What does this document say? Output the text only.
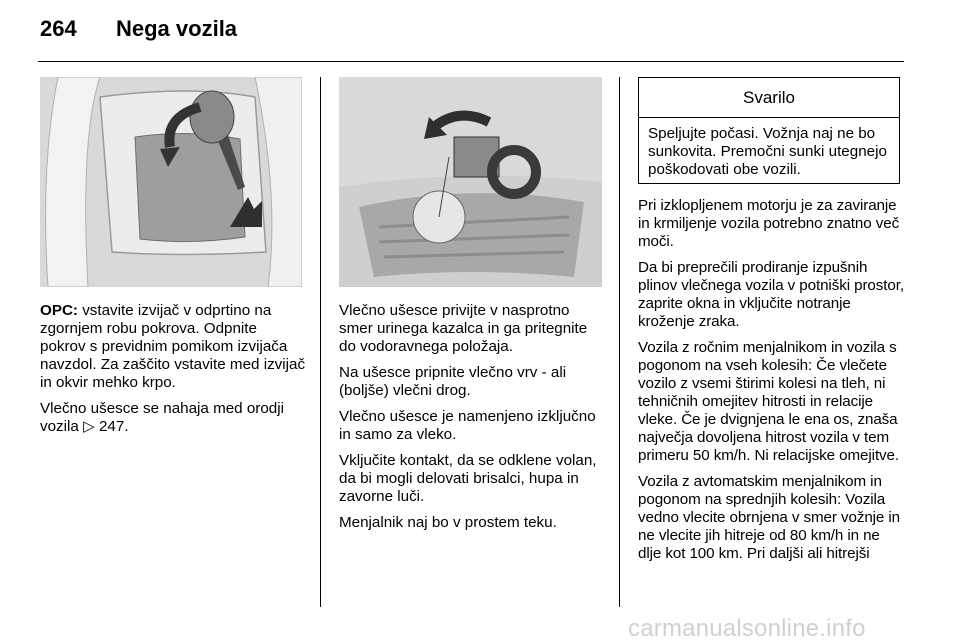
264 Nega vozila

OPC: vstavite izvijač v odprtino na zgornjem robu pokrova. Odpnite pokrov s previdnim pomikom izvijača navzdol. Za zaščito vstavite med izvijač in okvir mehko krpo.

Vlečno ušesce se nahaja med orodji vozila ▷ 247.

Vlečno ušesce privijte v nasprotno smer urinega kazalca in ga pritegnite do vodoravnega položaja.

Na ušesce pripnite vlečno vrv - ali (boljše) vlečni drog.

Vlečno ušesce je namenjeno izključno in samo za vleko.

Vključite kontakt, da se odklene volan, da bi mogli delovati brisalci, hupa in zavorne luči.

Menjalnik naj bo v prostem teku.

Svarilo
Speljujte počasi. Vožnja naj ne bo sunkovita. Premočni sunki utegnejo poškodovati obe vozili.

Pri izklopljenem motorju je za zaviranje in krmiljenje vozila potrebno znatno več moči.

Da bi preprečili prodiranje izpušnih plinov vlečnega vozila v potniški prostor, zaprite okna in vključite notranje kroženje zraka.

Vozila z ročnim menjalnikom in vozila s pogonom na vseh kolesih: Če vlečete vozilo z vsemi štirimi kolesi na tleh, ni tehničnih omejitev hitrosti in relacije vleke. Če je dvignjena le ena os, znaša največja dovoljena hitrost vozila v tem primeru 50 km/h. Ni relacijske omejitve.

Vozila z avtomatskim menjalnikom in pogonom na sprednjih kolesih: Vozila vedno vlecite obrnjena v smer vožnje in ne vlecite jih hitreje od 80 km/h in ne dlje kot 100 km. Pri daljši ali hitrejši

carmanualsonline.info
